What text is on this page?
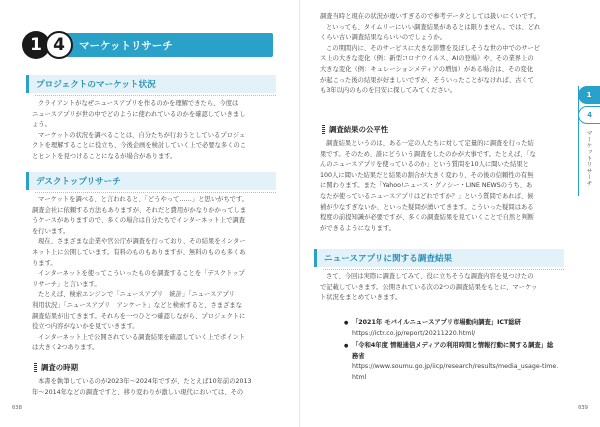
1 4	マーケットリサーチ
プロジェクトのマーケット状況
クライアントがなぜニュースアプリを作るのかを理解できたら、今度は
ニュースアプリが世の中でどのように使われているのかを確認していきまし
ょう。
マーケットの状況を調べることは、自分たちが行おうとしているプロジェ
クトを理解することに役立ち、今後企画を検討していく上で必要な多くのこ
とヒントを見つけることになるが場合があります。
デスクトップリサーチ
マーケットを調べる、と言われると、「どうやって……」と思いがちです。
調査会社に依頼する方法もありますが、それだと費用がかなりかかってしま
うケースがありますので、多くの場合は自分たちでインターネット上で調査
を行います。
現在、さまざまな企業や官公庁が調査を行っており、その結果をインター
ネット上に公開しています。有料のものもありますが、無料のものも多くあ
ります。
インターネットを使ってこういったものを調査することを「デスクトップ
リサーチ」と言います。
たとえば、検索エンジンで「ニュースアプリ　統計」「ニュースアプリ
利用状況」「ニュースアプリ　アンケート」などと検索すると、さまざまな
調査結果が出てきます。それらを一つひとつ確認しながら、プロジェクトに
役立つ内容がないかを見ていきます。
インターネット上で公開されている調査結果を確認していく上でポイント
は大きく2つあります。
調査の時期
本書を執筆しているのが2023年〜2024年ですが、たとえば10年前の2013
年〜2014年などの調査ですと、移り変わりが激しい現代においては、その
038
調査当時と現在の状況が違いすぎるので参考データとしては扱いにくいです。
といっても、タイムリーにいい調査結果があるとは限りません。では、どれ
くらい古い調査結果ならいいのでしょうか。
この期間内に、そのサービスに大きな影響を及ぼしそうな世の中でのサービ
ス上の大きな変化（例：新型コロナウイルス、AIの登場）や、その業界上の
大きな変化（例：キュレーションメディアの増加）がある場合は、その変化
が起こった後の結果が好ましいですが、そういったことがなければ、古くて
も3年以内のものを目安に探してみてください。
調査結果の公平性
調査結果というのは、ある一定の人たちに対して定量的に調査を行った結
果です。そのため、誰にどういう調査をしたのかが大事です。たとえば、「な
んのニュースアプリを使っているのか」という質問を10人に聞いた結果と
100人に聞いた結果だと結果の割合が大きく変わり、その後の信頼性の有無
に関わります。また「Yahoo!ニュース・グノシー・LINE NEWSのうち、あ
なたが使っているニュースアプリはどれですか？」という質問であれば、候
補が少なすぎないか、といった疑問が湧いてきます。こういった疑問はある
程度の前提知識が必要ですが、多くの調査結果を見ていくことで自然と判断
ができるようになります。
ニュースアプリに関する調査結果
さて、今回は実際に調査してみて、役に立ちそうな調査内容を見つけたの
で記載していきます。公開されている次の2つの調査結果をもとに、マーケッ
ト状況をまとめていきます。
● 「2021年 モバイルニュースアプリ市場動向調査」ICT総研
https://ictr.co.jp/report/20211220.html/
● 「令和4年度 情報通信メディアの利用時間と情報行動に関する調査」総
務省
https://www.soumu.go.jp/iicp/research/results/media_usage-time.
html
1
4
マーケットリサーチ
039
